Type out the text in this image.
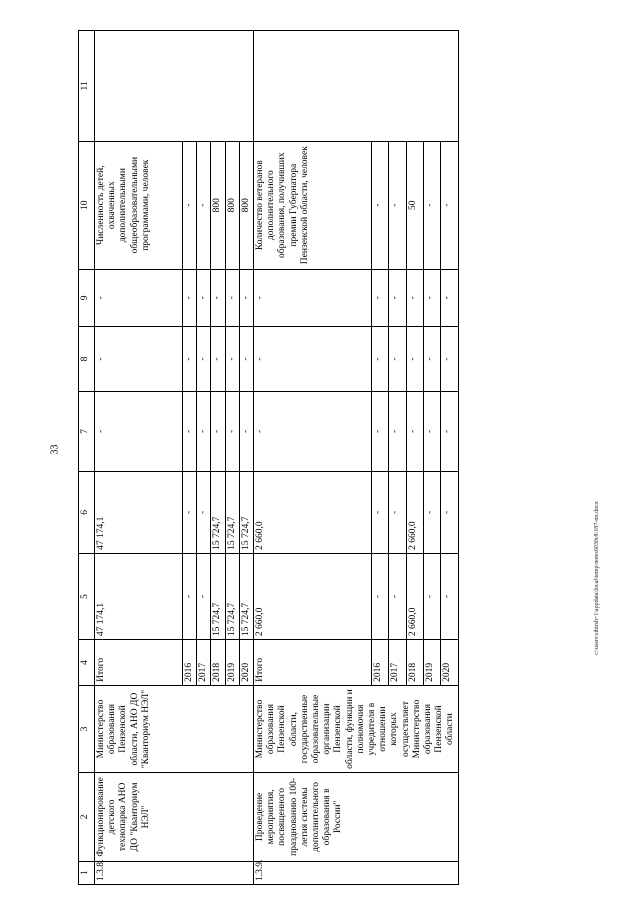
33
c:\users\sibirsh~1\appdata\local\temp\notes6030c8\187-пп.docx
1	2	3	4	5	6	7	8	9	10	11
1.3.8.	Функционирование детского технопарка АНО ДО "Кванториум НЭЛ"	Министерство образования Пензенской области, АНО ДО "Кванториум НЭЛ"	Итого	47 174,1	47 174,1	-	-	-	Численность детей, охваченных дополнительными общеобразовательными программами, человек	
			2016	-	-	-	-	-	-	
			2017	-	-	-	-	-	-	
			2018	15 724,7	15 724,7	-	-	-	800	
			2019	15 724,7	15 724,7	-	-	-	800	
			2020	15 724,7	15 724,7	-	-	-	800	
1.3.9.	Проведение мероприятия, посвященного празднованию 100-летия системы дополнительного образования в России"	Министерство образования Пензенской области, государственные образовательные организации Пензенской области, функции и полномочия учредителя в отношении которых осуществляет Министерство образования Пензенской области	Итого	2 660,0	2 660,0	-	-	-	Количество ветеранов дополнительного образования, получивших премии Губернатора Пензенской области, человек	
			2016	-	-	-	-	-	-	
			2017	-	-	-	-	-	-	
			2018	2 660,0	2 660,0	-	-	-	50	
			2019	-	-	-	-	-	-	
			2020	-	-	-	-	-	-	
